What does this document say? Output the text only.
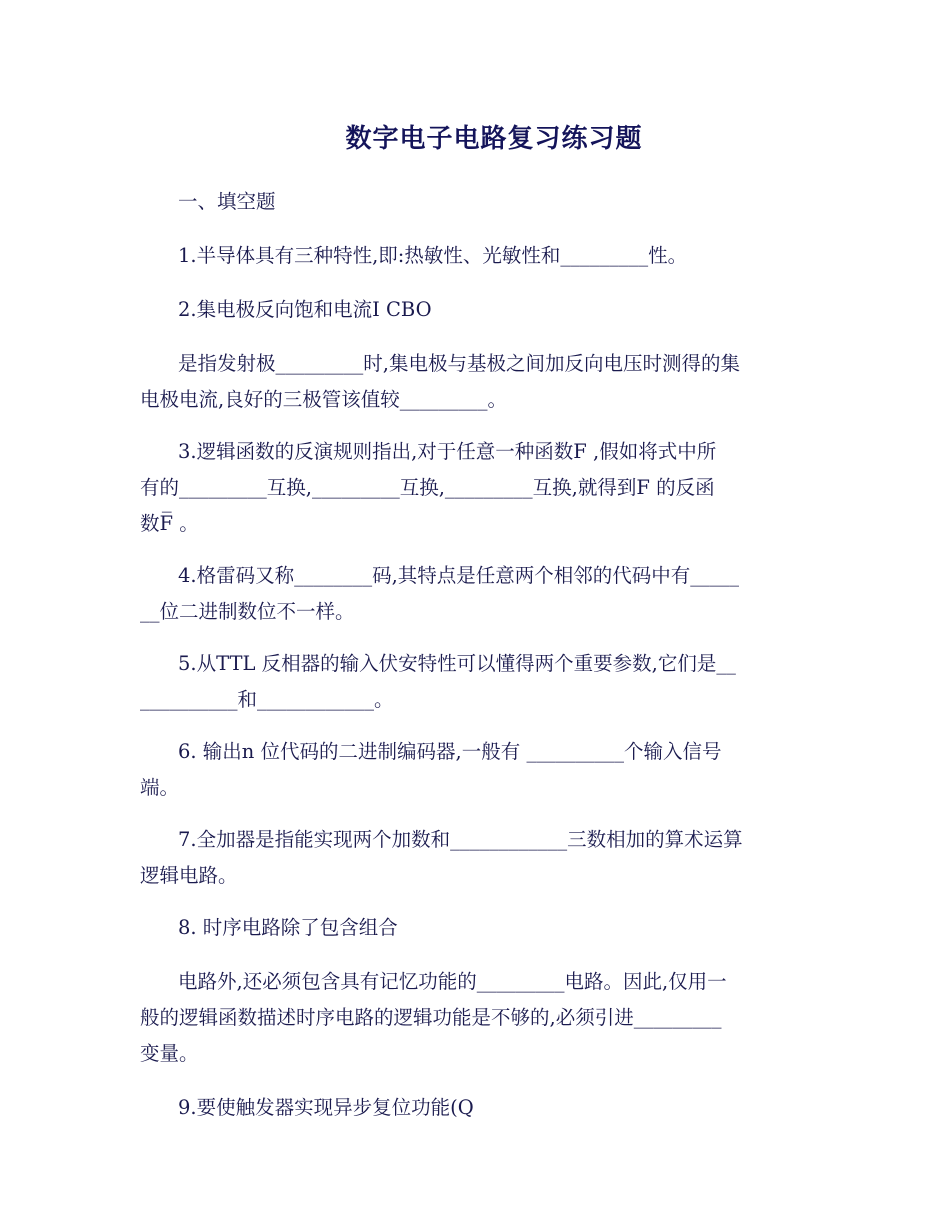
数字电子电路复习练习题
一、填空题
1.半导体具有三种特性,即:热敏性、光敏性和_________性。
2.集电极反向饱和电流I CBO
是指发射极_________时,集电极与基极之间加反向电压时测得的集
电极电流,良好的三极管该值较_________。
3.逻辑函数的反演规则指出,对于任意一种函数F ,假如将式中所
有的_________互换,_________互换,_________互换,就得到F 的反函
数F̅ 。
4.格雷码又称________码,其特点是任意两个相邻的代码中有_____
__位二进制数位不一样。
5.从TTL 反相器的输入伏安特性可以懂得两个重要参数,它们是__
__________和____________。
6. 输出n 位代码的二进制编码器,一般有 __________个输入信号
端。
7.全加器是指能实现两个加数和____________三数相加的算术运算
逻辑电路。
8. 时序电路除了包含组合
电路外,还必须包含具有记忆功能的_________电路。因此,仅用一
般的逻辑函数描述时序电路的逻辑功能是不够的,必须引进_________
变量。
9.要使触发器实现异步复位功能(Q
